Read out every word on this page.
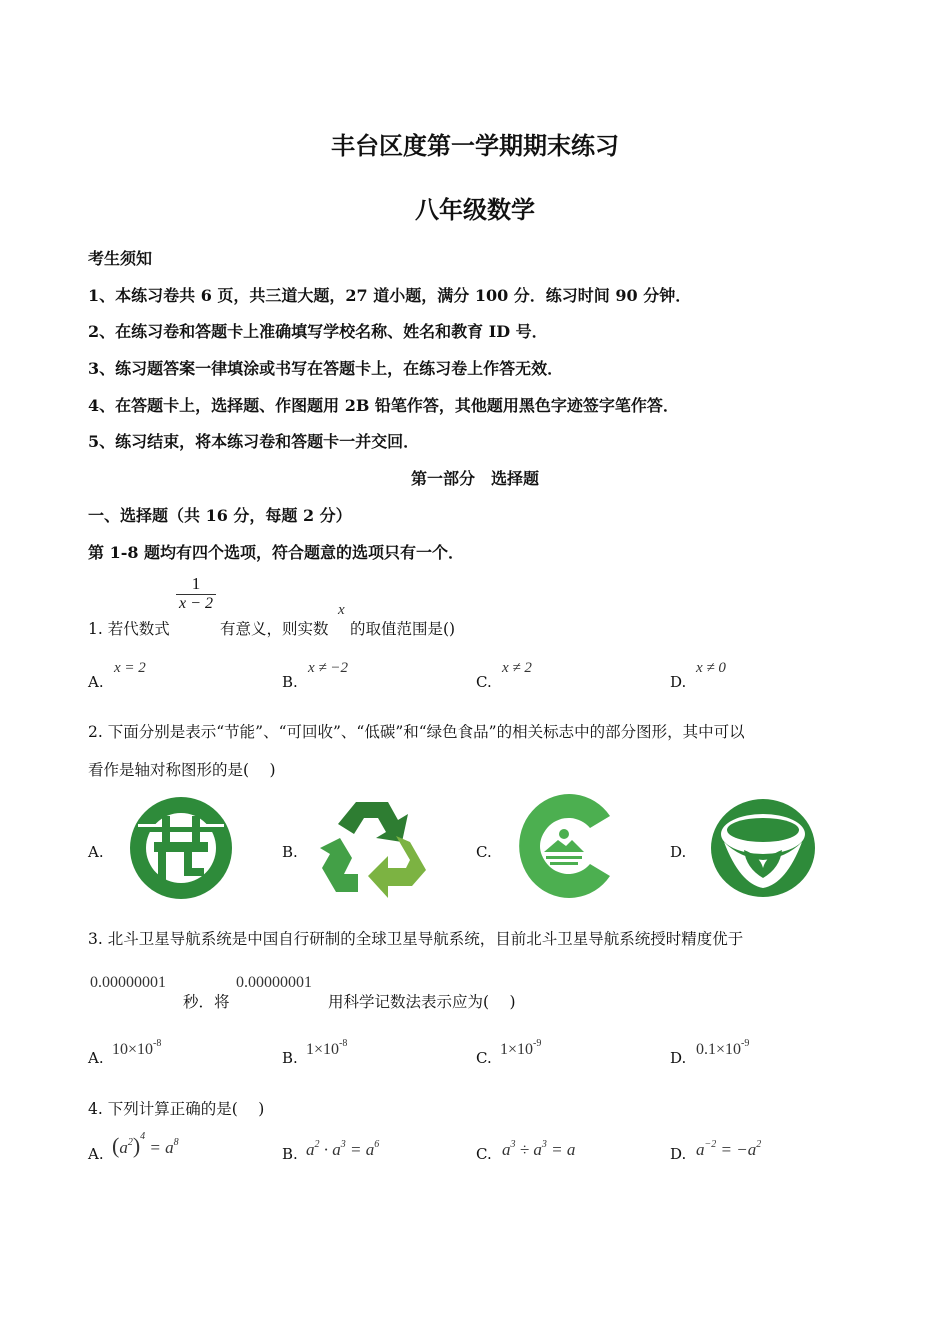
丰台区度第一学期期末练习
八年级数学
考生须知
1、本练习卷共 6 页，共三道大题，27 道小题，满分 100 分．练习时间 90 分钟．
2、在练习卷和答题卡上准确填写学校名称、姓名和教育 ID 号．
3、练习题答案一律填涂或书写在答题卡上，在练习卷上作答无效．
4、在答题卡上，选择题、作图题用 2B 铅笔作答，其他题用黑色字迹签字笔作答．
5、练习结束，将本练习卷和答题卡一并交回．
第一部分　选择题
一、选择题（共 16 分，每题 2 分）
第 1-8 题均有四个选项，符合题意的选项只有一个．
1. 若代数式
1
x − 2
有意义，则实数
x
的取值范围是()
A.
x = 2
B.
x ≠ −2
C.
x ≠ 2
D.
x ≠ 0
2. 下面分别是表示“节能”、“可回收”、“低碳”和“绿色食品”的相关标志中的部分图形，其中可以
看作是轴对称图形的是(　 )
A.	B.	C.	D.
3. 北斗卫星导航系统是中国自行研制的全球卫星导航系统，目前北斗卫星导航系统授时精度优于
0.00000001
秒．将
0.00000001
用科学记数法表示应为(　 )
A. $10\times 10^{-8}$
B. $1\times 10^{-8}$
C. $1\times 10^{-9}$
D. $0.1\times 10^{-9}$
4. 下列计算正确的是(　 )
A. $(a^2)^4 = a^8$
B. $a^2 \cdot a^3 = a^6$
C. $a^3 \div a^3 = a$	D. $a^{-2} = -a^2$
